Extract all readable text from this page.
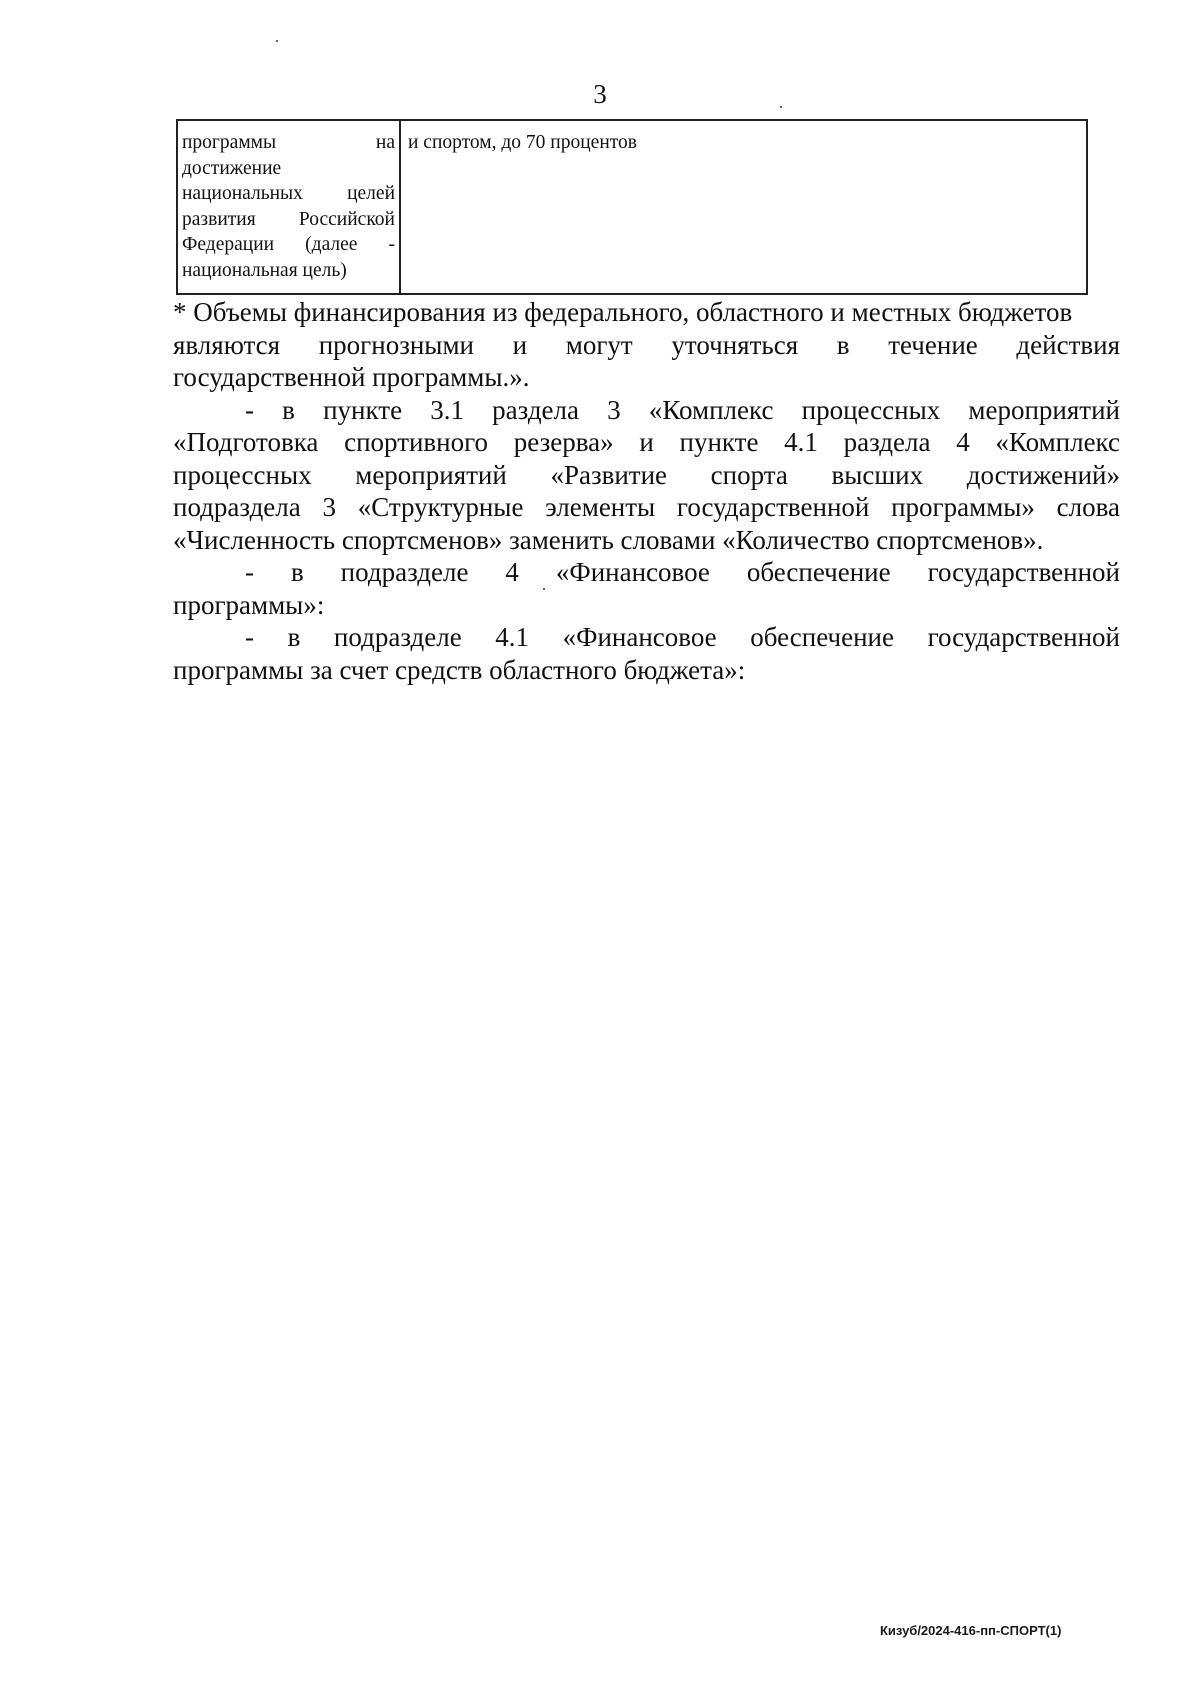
3
программы на
достижение
национальных целей
развития Российской
Федерации (далее -
национальная цель)
и спортом, до 70 процентов
* Объемы финансирования из федерального, областного и местных бюджетов
являются прогнозными и могут уточняться в течение действия
государственной программы.».
- в пункте 3.1 раздела 3 «Комплекс процессных мероприятий
«Подготовка спортивного резерва» и пункте 4.1 раздела 4 «Комплекс
процессных мероприятий «Развитие спорта высших достижений»
подраздела 3 «Структурные элементы государственной программы» слова
«Численность спортсменов» заменить словами «Количество спортсменов».
- в подразделе 4 «Финансовое обеспечение государственной
программы»:
- в подразделе 4.1 «Финансовое обеспечение государственной
программы за счет средств областного бюджета»:
Кизуб/2024-416-пп-СПОРТ(1)
